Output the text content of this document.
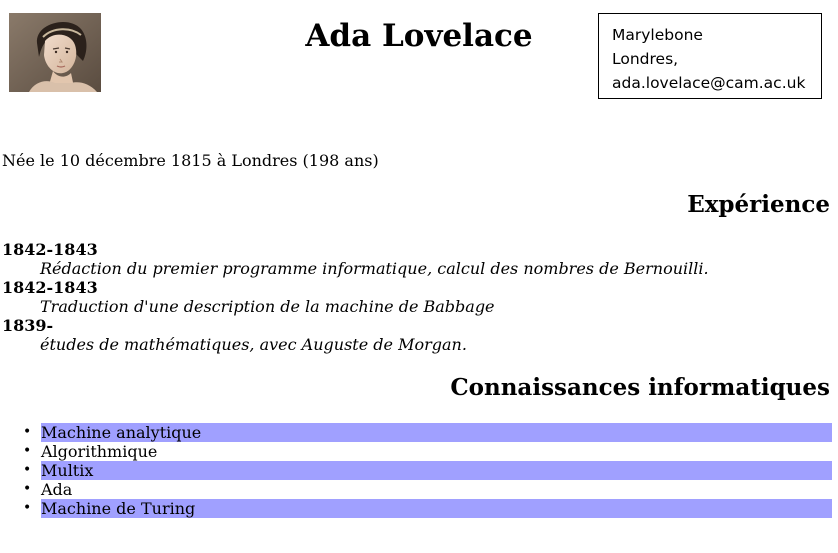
Ada Lovelace	Marylebone
Londres,
ada.lovelace@cam.ac.uk
Née le 10 décembre 1815 à Londres (198 ans)
Expérience
1842-1843
Rédaction du premier programme informatique, calcul des nombres de Bernouilli.
1842-1843
Traduction d'une description de la machine de Babbage
1839-
études de mathématiques, avec Auguste de Morgan.
Connaissances informatiques
• Machine analytique
• Algorithmique
• Multix
• Ada
• Machine de Turing
